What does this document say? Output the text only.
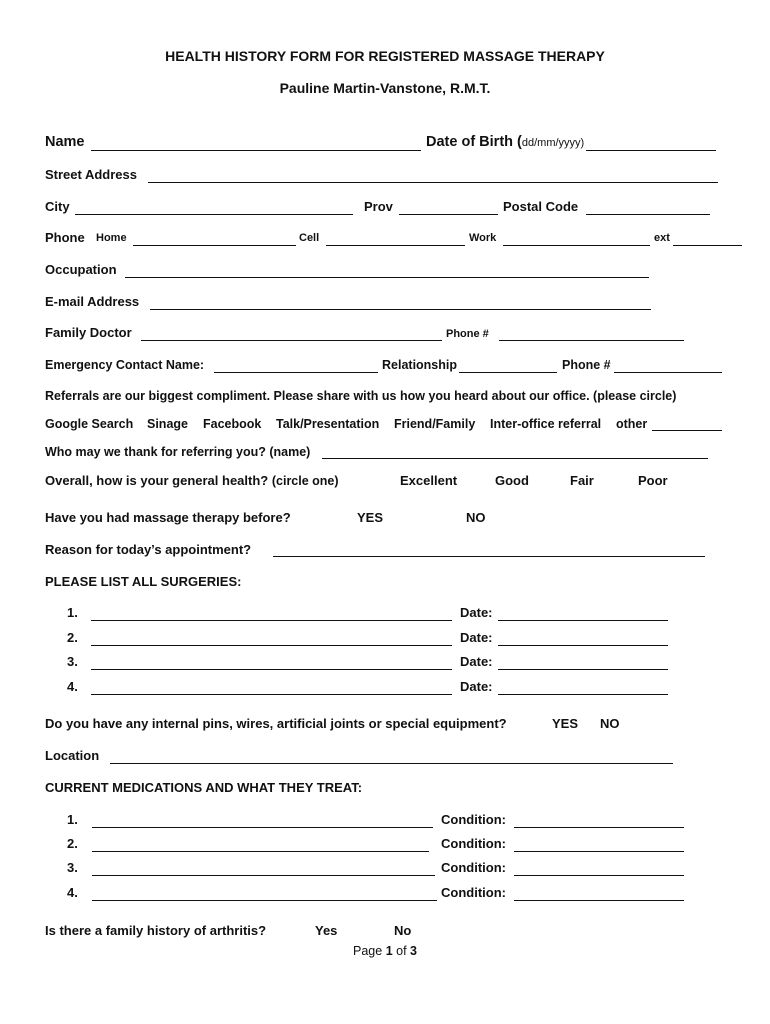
HEALTH HISTORY FORM FOR REGISTERED MASSAGE THERAPY
Pauline Martin-Vanstone, R.M.T.
Name	Date of Birth (dd/mm/yyyy)
Street Address
City	Prov	Postal Code
Phone Home	Cell	Work	ext
Occupation
E-mail Address
Family Doctor	Phone #
Emergency Contact Name:	Relationship	Phone #
Referrals are our biggest compliment. Please share with us how you heard about our office. (please circle)
Google Search Sinage Facebook Talk/Presentation Friend/Family Inter-office referral other
Who may we thank for referring you? (name)
Overall, how is your general health? (circle one)	Excellent	Good	Fair	Poor
Have you had massage therapy before?	YES	NO
Reason for today’s appointment?
PLEASE LIST ALL SURGERIES:
1.	Date:
2.	Date:
3.	Date:
4.	Date:
Do you have any internal pins, wires, artificial joints or special equipment?	YES NO
Location
CURRENT MEDICATIONS AND WHAT THEY TREAT:
1.	Condition:
2.	Condition:
3.	Condition:
4.	Condition:
Is there a family history of arthritis?	Yes	No
Page 1 of 3
